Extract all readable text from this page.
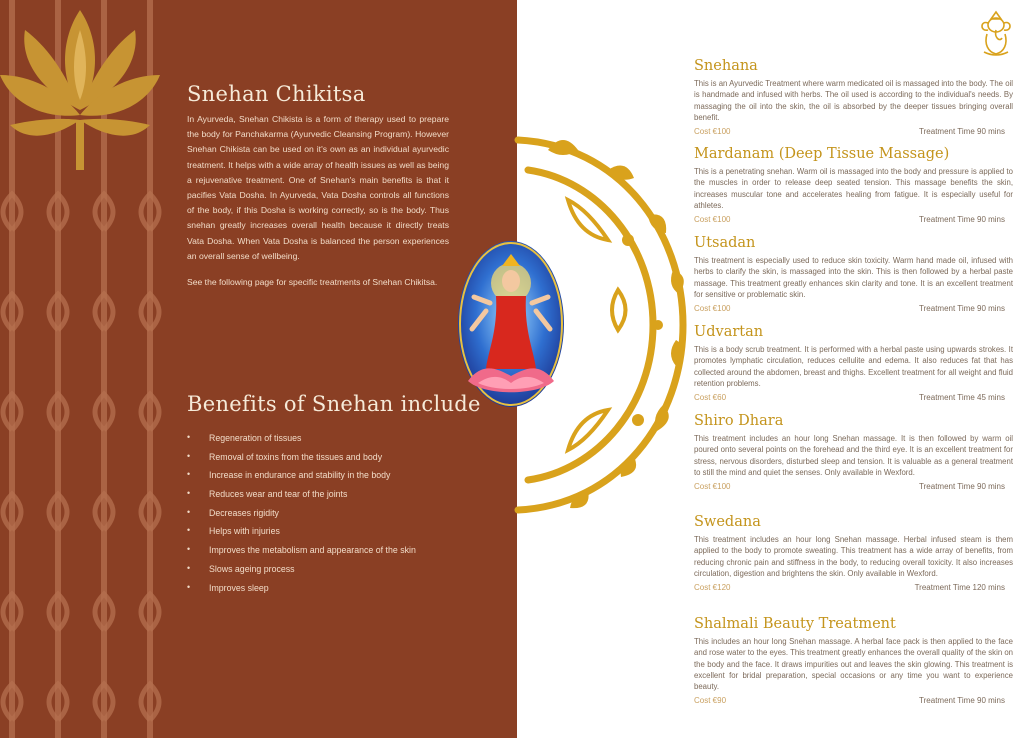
Snehan Chikitsa

In Ayurveda, Snehan Chikista is a form of therapy used to prepare the body for Panchakarma (Ayurvedic Cleansing Program). However Snehan Chikista can be used on it's own as an individual ayurvedic treatment. It helps with a wide array of health issues as well as being a rejuvenative treatment. One of Snehan's main benefits is that it pacifies Vata Dosha. In Ayurveda, Vata Dosha controls all functions of the body, if this Dosha is working correctly, so is the body. Thus snehan greatly increases overall health because it directly treats Vata Dosha. When Vata Dosha is balanced the person experiences an overall sense of wellbeing.

See the following page for specific treatments of Snehan Chikitsa.

Benefits of Snehan include
• Regeneration of tissues
• Removal of toxins from the tissues and body
• Increase in endurance and stability in the body
• Reduces wear and tear of the joints
• Decreases rigidity
• Helps with injuries
• Improves the metabolism and appearance of the skin
• Slows ageing process
• Improves sleep
Snehana
This is an Ayurvedic Treatment where warm medicated oil is massaged into the body. The oil is handmade and infused with herbs. The oil used is according to the individual's needs. By massaging the oil into the skin, the oil is absorbed by the deeper tissues bringing overall benefit.
Cost €100	Treatment Time 90 mins
Mardanam (Deep Tissue Massage)
This is a penetrating snehan. Warm oil is massaged into the body and pressure is applied to the muscles in order to release deep seated tension. This massage benefits the skin, increases muscular tone and accelerates healing from fatigue. It is especially useful for athletes.
Cost €100	Treatment Time 90 mins
Utsadan
This treatment is especially used to reduce skin toxicity. Warm hand made oil, infused with herbs to clarify the skin, is massaged into the skin. This is then followed by a herbal paste massage. This treatment greatly enhances skin clarity and tone. It is an excellent treatment for sensitive or problematic skin.
Cost €100	Treatment Time 90 mins
Udvartan
This is a body scrub treatment. It is performed with a herbal paste using upwards strokes. It promotes lymphatic circulation, reduces cellulite and edema. It also reduces fat that has collected around the abdomen, breast and thighs. Excellent treatment for all weight and fluid retention problems.
Cost €60	Treatment Time 45 mins
Shiro Dhara
This treatment includes an hour long Snehan massage. It is then followed by warm oil poured onto several points on the forehead and the third eye. It is an excellent treatment for stress, nervous disorders, disturbed sleep and tension. It is valuable as a general treatment to still the mind and quiet the senses. Only available in Wexford.
Cost €100	Treatment Time 90 mins
Swedana
This treatment includes an hour long Snehan massage. Herbal infused steam is them applied to the body to promote sweating. This treatment has a wide array of benefits, from reducing chronic pain and stiffness in the body, to reducing overall toxicity. It also increases circulation, digestion and brightens the skin. Only available in Wexford.
Cost €120	Treatment Time 120 mins
Shalmali Beauty Treatment
This includes an hour long Snehan massage. A herbal face pack is then applied to the face and rose water to the eyes. This treatment greatly enhances the overall quality of the skin on the body and the face. It draws impurities out and leaves the skin glowing. This treatment is excellent for bridal preparation, special occasions or any time you want to experience beauty.
Cost €90	Treatment Time 90 mins
